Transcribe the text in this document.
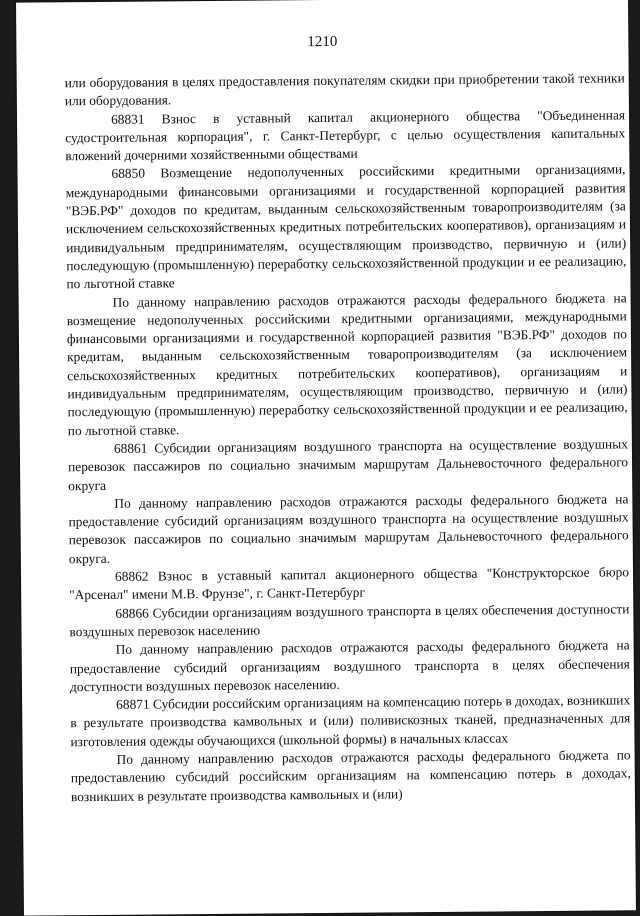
1210

или оборудования в целях предоставления покупателям скидки при приобретении такой техники или оборудования.

68831 Взнос в уставный капитал акционерного общества "Объединенная судостроительная корпорация", г. Санкт-Петербург, с целью осуществления капитальных вложений дочерними хозяйственными обществами

68850 Возмещение недополученных российскими кредитными организациями, международными финансовыми организациями и государственной корпорацией развития "ВЭБ.РФ" доходов по кредитам, выданным сельскохозяйственным товаропроизводителям (за исключением сельскохозяйственных кредитных потребительских кооперативов), организациям и индивидуальным предпринимателям, осуществляющим производство, первичную и (или) последующую (промышленную) переработку сельскохозяйственной продукции и ее реализацию, по льготной ставке

По данному направлению расходов отражаются расходы федерального бюджета на возмещение недополученных российскими кредитными организациями, международными финансовыми организациями и государственной корпорацией развития "ВЭБ.РФ" доходов по кредитам, выданным сельскохозяйственным товаропроизводителям (за исключением сельскохозяйственных кредитных потребительских кооперативов), организациям и индивидуальным предпринимателям, осуществляющим производство, первичную и (или) последующую (промышленную) переработку сельскохозяйственной продукции и ее реализацию, по льготной ставке.

68861 Субсидии организациям воздушного транспорта на осуществление воздушных перевозок пассажиров по социально значимым маршрутам Дальневосточного федерального округа

По данному направлению расходов отражаются расходы федерального бюджета на предоставление субсидий организациям воздушного транспорта на осуществление воздушных перевозок пассажиров по социально значимым маршрутам Дальневосточного федерального округа.

68862 Взнос в уставный капитал акционерного общества "Конструкторское бюро "Арсенал" имени М.В. Фрунзе", г. Санкт-Петербург

68866 Субсидии организациям воздушного транспорта в целях обеспечения доступности воздушных перевозок населению

По данному направлению расходов отражаются расходы федерального бюджета на предоставление субсидий организациям воздушного транспорта в целях обеспечения доступности воздушных перевозок населению.

68871 Субсидии российским организациям на компенсацию потерь в доходах, возникших в результате производства камвольных и (или) поливискозных тканей, предназначенных для изготовления одежды обучающихся (школьной формы) в начальных классах

По данному направлению расходов отражаются расходы федерального бюджета по предоставлению субсидий российским организациям на компенсацию потерь в доходах, возникших в результате производства камвольных и (или)
